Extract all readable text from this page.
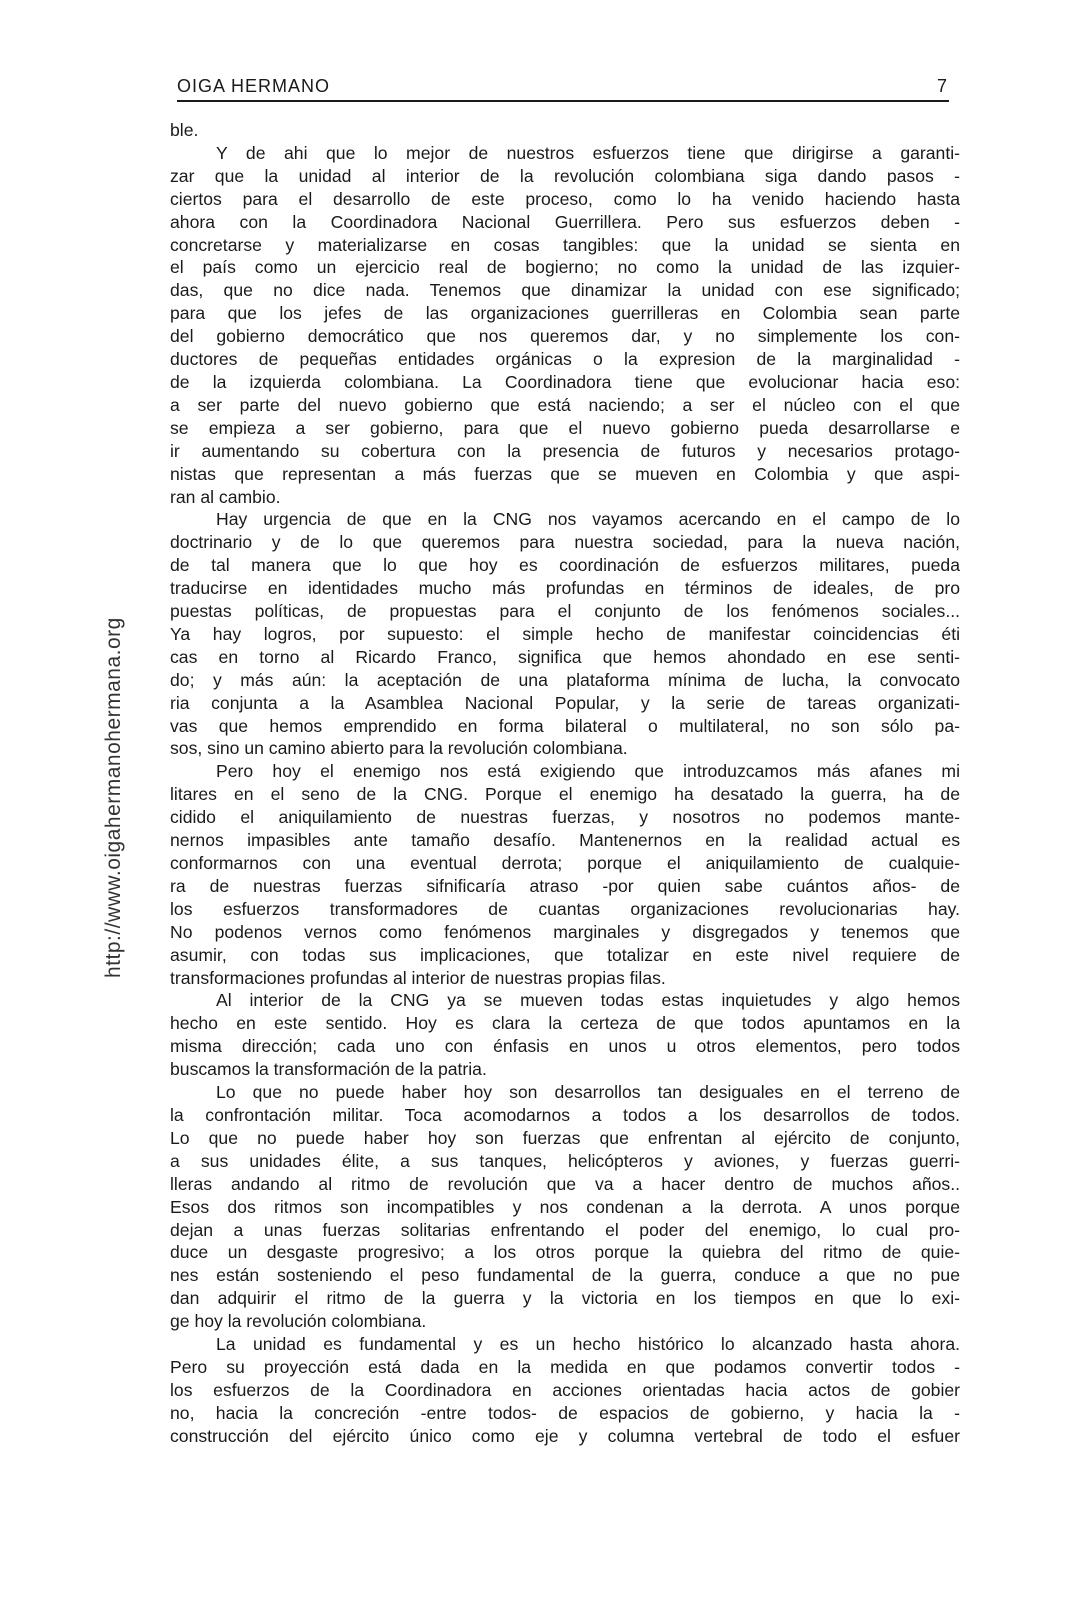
OIGA HERMANO	7
http://www.oigahermanohermana.org
ble.
Y de ahi que lo mejor de nuestros esfuerzos tiene que dirigirse a garanti-
zar que la unidad al interior de la revolución colombiana siga dando pasos -
ciertos para el desarrollo de este proceso, como lo ha venido haciendo hasta
ahora con la Coordinadora Nacional Guerrillera. Pero sus esfuerzos deben -
concretarse y materializarse en cosas tangibles: que la unidad se sienta en
el país como un ejercicio real de bogierno; no como la unidad de las izquier-
das, que no dice nada. Tenemos que dinamizar la unidad con ese significado;
para que los jefes de las organizaciones guerrilleras en Colombia sean parte
del gobierno democrático que nos queremos dar, y no simplemente los con-
ductores de pequeñas entidades orgánicas o la expresion de la marginalidad -
de la izquierda colombiana. La Coordinadora tiene que evolucionar hacia eso:
a ser parte del nuevo gobierno que está naciendo; a ser el núcleo con el que
se empieza a ser gobierno, para que el nuevo gobierno pueda desarrollarse e
ir aumentando su cobertura con la presencia de futuros y necesarios protago-
nistas que representan a más fuerzas que se mueven en Colombia y que aspi-
ran al cambio.
Hay urgencia de que en la CNG nos vayamos acercando en el campo de lo
doctrinario y de lo que queremos para nuestra sociedad, para la nueva nación,
de tal manera que lo que hoy es coordinación de esfuerzos militares, pueda
traducirse en identidades mucho más profundas en términos de ideales, de pro
puestas políticas, de propuestas para el conjunto de los fenómenos sociales...
Ya hay logros, por supuesto: el simple hecho de manifestar coincidencias éti
cas en torno al Ricardo Franco, significa que hemos ahondado en ese senti-
do; y más aún: la aceptación de una plataforma mínima de lucha, la convocato
ria conjunta a la Asamblea Nacional Popular, y la serie de tareas organizati-
vas que hemos emprendido en forma bilateral o multilateral, no son sólo pa-
sos, sino un camino abierto para la revolución colombiana.
Pero hoy el enemigo nos está exigiendo que introduzcamos más afanes mi
litares en el seno de la CNG. Porque el enemigo ha desatado la guerra, ha de
cidido el aniquilamiento de nuestras fuerzas, y nosotros no podemos mante-
nernos impasibles ante tamaño desafío. Mantenernos en la realidad actual es
conformarnos con una eventual derrota; porque el aniquilamiento de cualquie-
ra de nuestras fuerzas sifnificaría atraso -por quien sabe cuántos años- de
los esfuerzos transformadores de cuantas organizaciones revolucionarias hay.
No podenos vernos como fenómenos marginales y disgregados y tenemos que
asumir, con todas sus implicaciones, que totalizar en este nivel requiere de
transformaciones profundas al interior de nuestras propias filas.
Al interior de la CNG ya se mueven todas estas inquietudes y algo hemos
hecho en este sentido. Hoy es clara la certeza de que todos apuntamos en la
misma dirección; cada uno con énfasis en unos u otros elementos, pero todos
buscamos la transformación de la patria.
Lo que no puede haber hoy son desarrollos tan desiguales en el terreno de
la confrontación militar. Toca acomodarnos a todos a los desarrollos de todos.
Lo que no puede haber hoy son fuerzas que enfrentan al ejército de conjunto,
a sus unidades élite, a sus tanques, helicópteros y aviones, y fuerzas guerri-
lleras andando al ritmo de revolución que va a hacer dentro de muchos años..
Esos dos ritmos son incompatibles y nos condenan a la derrota. A unos porque
dejan a unas fuerzas solitarias enfrentando el poder del enemigo, lo cual pro-
duce un desgaste progresivo; a los otros porque la quiebra del ritmo de quie-
nes están sosteniendo el peso fundamental de la guerra, conduce a que no pue
dan adquirir el ritmo de la guerra y la victoria en los tiempos en que lo exi-
ge hoy la revolución colombiana.
La unidad es fundamental y es un hecho histórico lo alcanzado hasta ahora.
Pero su proyección está dada en la medida en que podamos convertir todos -
los esfuerzos de la Coordinadora en acciones orientadas hacia actos de gobier
no, hacia la concreción -entre todos- de espacios de gobierno, y hacia la -
construcción del ejército único como eje y columna vertebral de todo el esfuer
